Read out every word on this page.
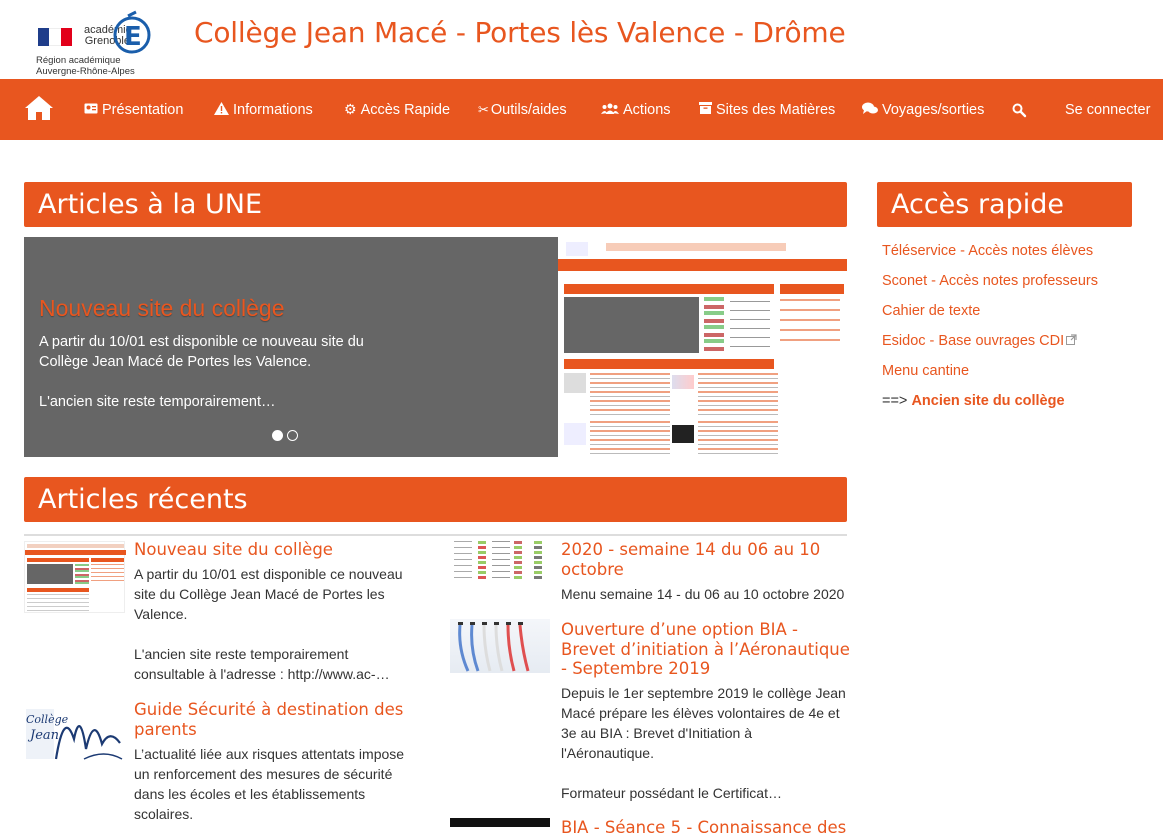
académie
Grenoble
E
Région académique
Auvergne-Rhône-Alpes
Collège Jean Macé - Portes lès Valence - Drôme
Présentation	Informations ⚙ Accès Rapide ✂ Outils/aides	Actions	Sites des Matières	Voyages/sorties	Se connecter
Articles à la UNE
Nouveau site du collège
A partir du 10/01 est disponible ce nouveau site du Collège Jean Macé de Portes les Valence.

L'ancien site reste temporairement…
Articles récents
Nouveau site du collège
A partir du 10/01 est disponible ce nouveau site du Collège Jean Macé de Portes les Valence.

L'ancien site reste temporairement consultable à l'adresse : http://www.ac-…
2020 - semaine 14 du 06 au 10 octobre
Menu semaine 14 - du 06 au 10 octobre 2020
Ouverture d’une option BIA - Brevet d’initiation à l’Aéronautique - Septembre 2019
Depuis le 1er septembre 2019 le collège Jean Macé prépare les élèves volontaires de 4e et 3e au BIA : Brevet d'Initiation à l'Aéronautique.

Formateur possédant le Certificat…
Collège
Jean
Guide Sécurité à destination des parents
L’actualité liée aux risques attentats impose un renforcement des mesures de sécurité dans les écoles et les établissements scolaires.
BIA - Séance 5 - Connaissance des
Accès rapide
Téléservice - Accès notes élèves
Sconet - Accès notes professeurs
Cahier de texte
Esidoc - Base ouvrages CDI
Menu cantine
==> Ancien site du collège
